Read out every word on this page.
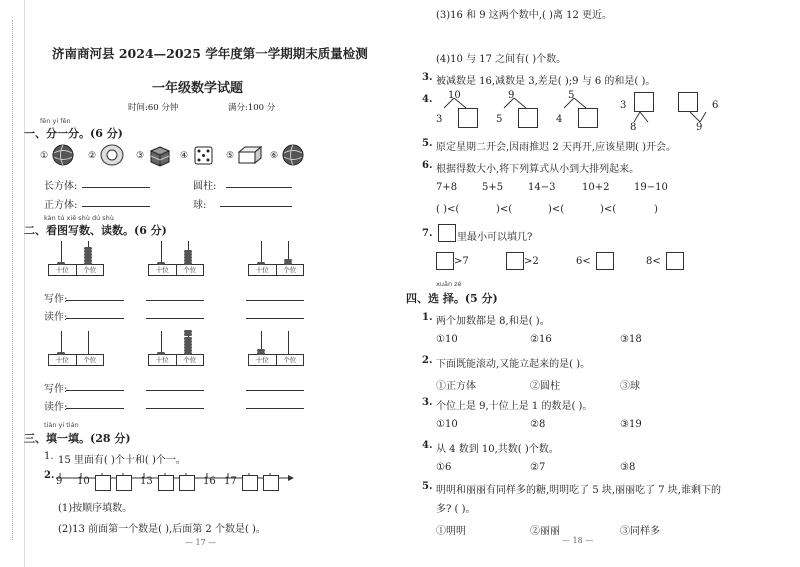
济南商河县 2024—2025 学年度第一学期期末质量检测
一年级数学试题
时间:60 分钟	满分:100 分
fēn yi fēn
一、分一分。(6 分)
①	②	③	④	⑤	⑥
长方体:	圆柱:
正方体:	球:
kàn tú xiě shù dú shù
二、看图写数、读数。(6 分)
十位	个位
写作:
读作:
十位	个位	十位	个位
十位	个位
写作:
读作:
十位	个位	十位	个位
tián yi tián
三、填一填。(28 分)
1. 15 里面有( )个十和( )个一。
2.
9 10	13	16 17
(1)按顺序填数。
(2)13 前面第一个数是( ),后面第 2 个数是( )。
— 17 —
(3)16 和 9 这两个数中,( )离 12 更近。
(4)10 与 17 之间有( )个数。
3. 被减数是 16,减数是 3,差是( );9 与 6 的和是( )。
4. 10
3
9
5
5
4
3
8
6
9
5. 原定星期二开会,因雨推迟 2 天再开,应该星期( )开会。
6. 根据得数大小,将下列算式从小到大排列起来。
7+8 5+5 14−3	10+2 19−10
( )<(	)<(	)<(	)<(	)
7. 里最小可以填几?
>7	>2	6<	8<
xuǎn zé
四、选 择。(5 分)
1. 两个加数都是 8,和是( )。
①10	②16	③18
2. 下面既能滚动,又能立起来的是( )。
①正方体	②圆柱	③球
3. 个位上是 9,十位上是 1 的数是( )。
①10	②8	③19
4. 从 4 数到 10,共数( )个数。
①6	②7	③8
5. 明明和丽丽有同样多的糖,明明吃了 5 块,丽丽吃了 7 块,谁剩下的
多? ( )。
①明明	②丽丽	③同样多
— 18 —
